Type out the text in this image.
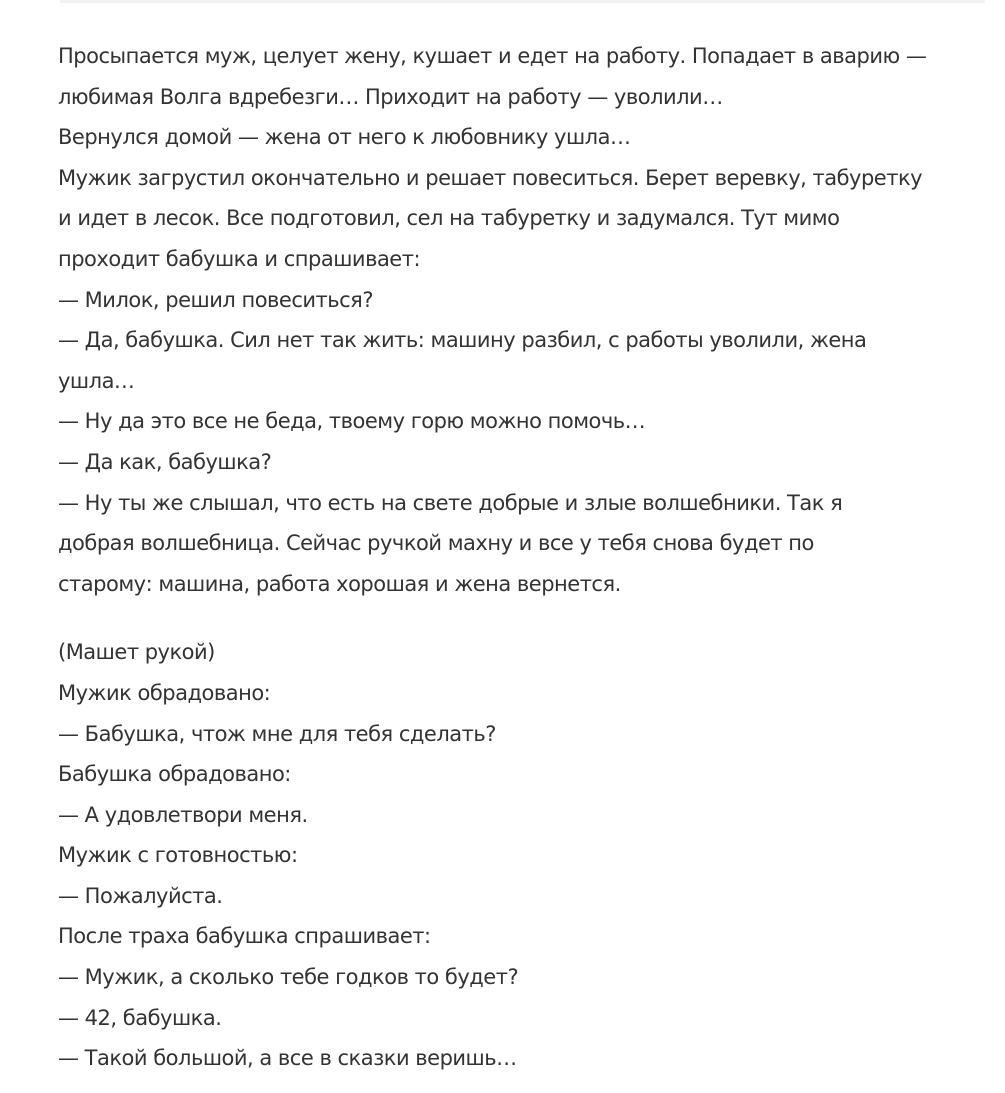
Просыпается муж, целует жену, кушает и едет на работу. Попадает в аварию —
любимая Волга вдребезги… Приходит на работу — уволили…
Вернулся домой — жена от него к любовнику ушла…
Мужик загрустил окончательно и решает повеситься. Берет веревку, табуретку
и идет в лесок. Все подготовил, сел на табуретку и задумался. Тут мимо
проходит бабушка и спрашивает:
— Милок, решил повеситься?
— Да, бабушка. Сил нет так жить: машину разбил, с работы уволили, жена
ушла…
— Ну да это все не беда, твоему горю можно помочь…
— Да как, бабушка?
— Ну ты же слышал, что есть на свете добрые и злые волшебники. Так я
добрая волшебница. Сейчас ручкой махну и все у тебя снова будет по
старому: машина, работа хорошая и жена вернется.

(Машет рукой)
Мужик обрадовано:
— Бабушка, чтож мне для тебя сделать?
Бабушка обрадовано:
— А удовлетвори меня.
Мужик с готовностью:
— Пожалуйста.
После траха бабушка спрашивает:
— Мужик, а сколько тебе годков то будет?
— 42, бабушка.
— Такой большой, а все в сказки веришь…
